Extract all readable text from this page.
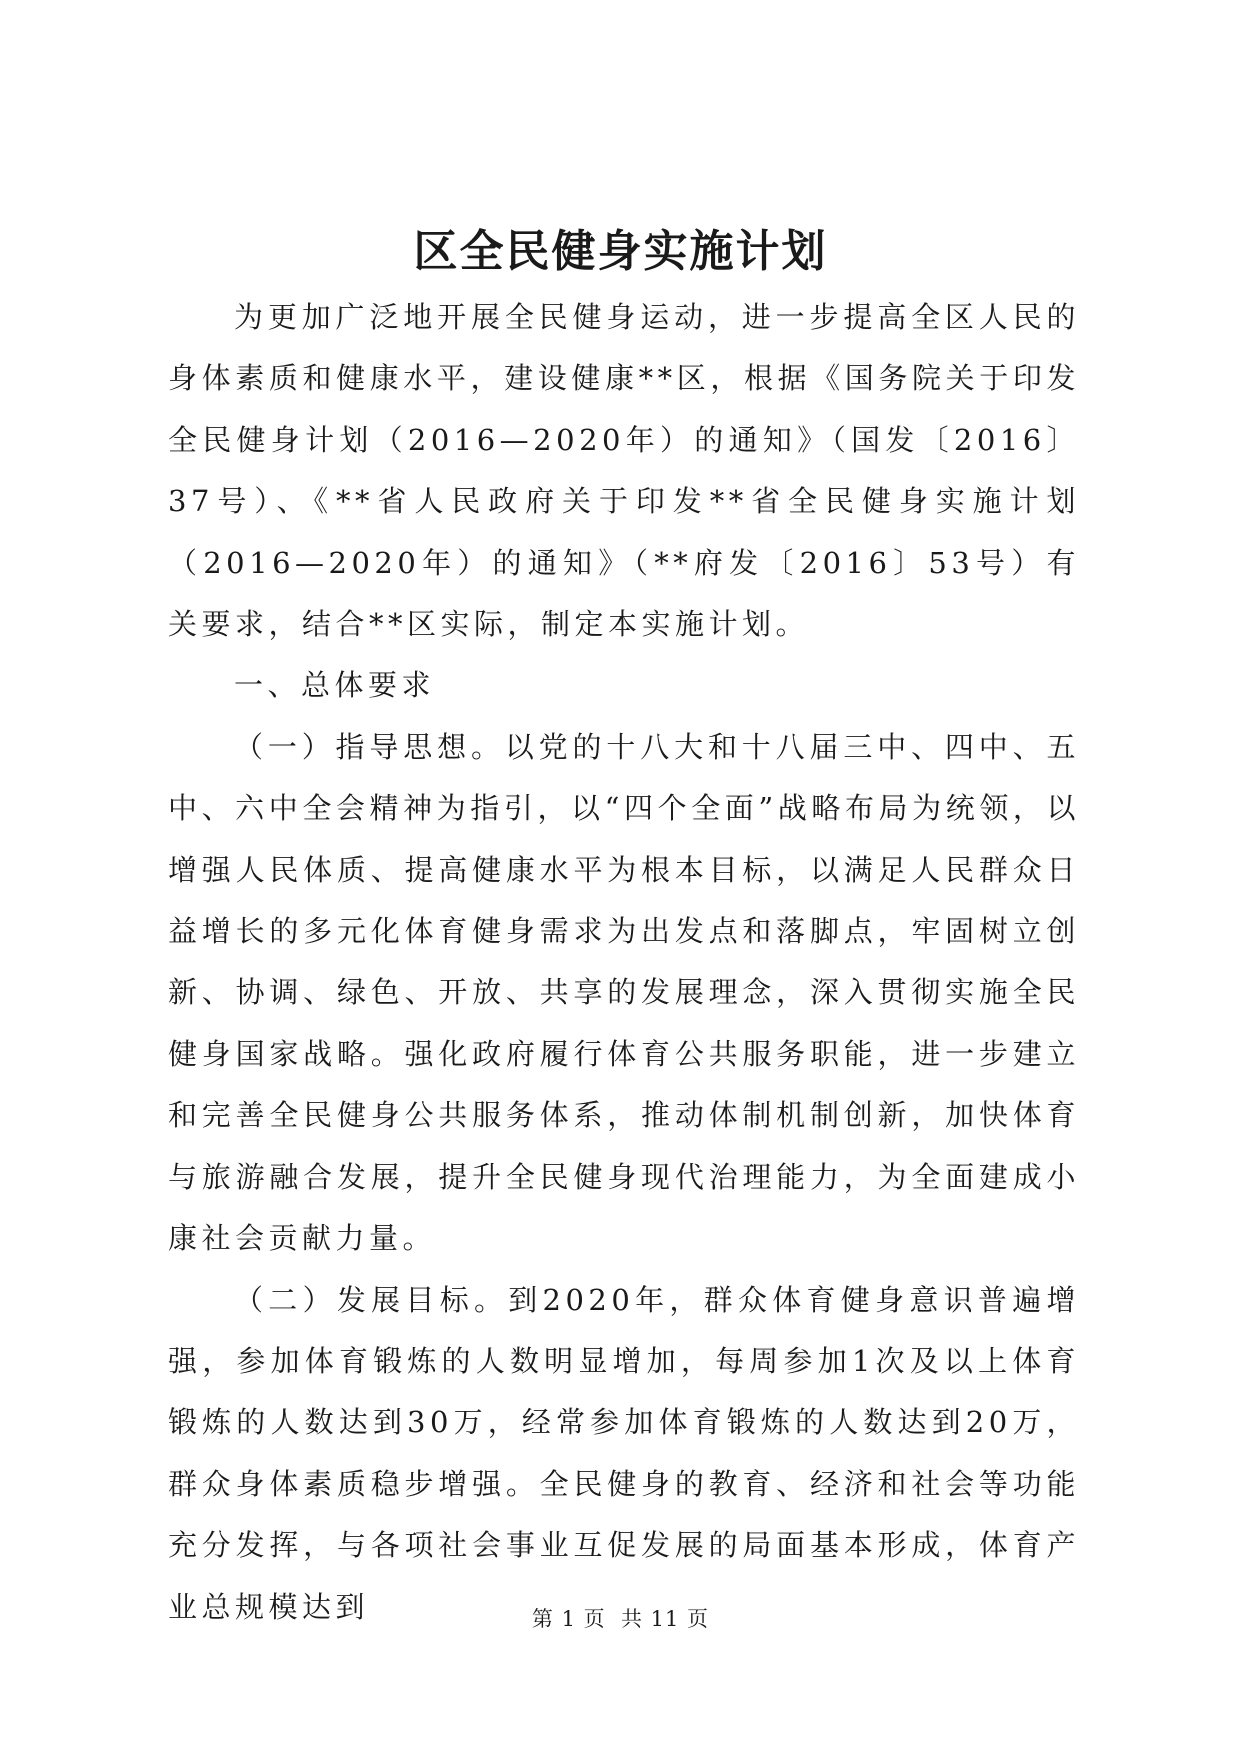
区全民健身实施计划

为更加广泛地开展全民健身运动，进一步提高全区人民的身体素质和健康水平，建设健康**区，根据《国务院关于印发全民健身计划（2016—2020年）的通知》（国发〔2016〕37号）、《**省人民政府关于印发**省全民健身实施计划（2016—2020年）的通知》（**府发〔2016〕53号）有关要求，结合**区实际，制定本实施计划。

一、总体要求

（一）指导思想。以党的十八大和十八届三中、四中、五中、六中全会精神为指引，以“四个全面”战略布局为统领，以增强人民体质、提高健康水平为根本目标，以满足人民群众日益增长的多元化体育健身需求为出发点和落脚点，牢固树立创新、协调、绿色、开放、共享的发展理念，深入贯彻实施全民健身国家战略。强化政府履行体育公共服务职能，进一步建立和完善全民健身公共服务体系，推动体制机制创新，加快体育与旅游融合发展，提升全民健身现代治理能力，为全面建成小康社会贡献力量。

（二）发展目标。到2020年，群众体育健身意识普遍增强，参加体育锻炼的人数明显增加，每周参加1次及以上体育锻炼的人数达到30万，经常参加体育锻炼的人数达到20万，群众身体素质稳步增强。全民健身的教育、经济和社会等功能充分发挥，与各项社会事业互促发展的局面基本形成，体育产业总规模达到	第 1 页  共 11 页
